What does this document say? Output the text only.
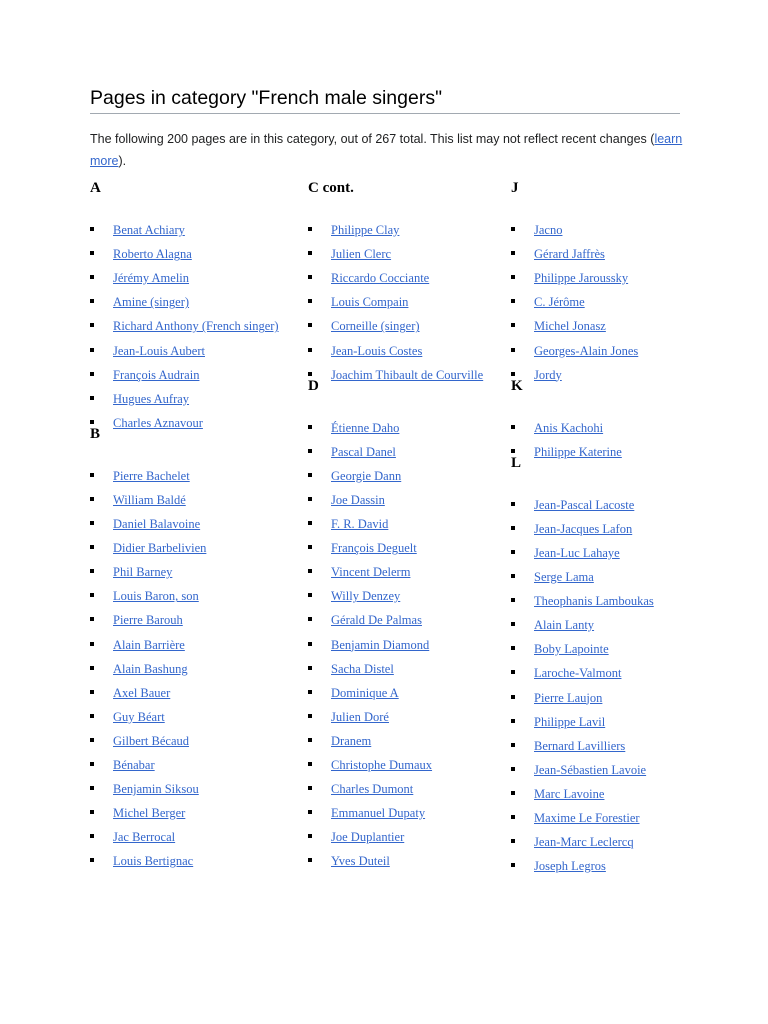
Pages in category "French male singers"
The following 200 pages are in this category, out of 267 total. This list may not reflect recent changes (learn more).
A
Benat Achiary
Roberto Alagna
Jérémy Amelin
Amine (singer)
Richard Anthony (French singer)
Jean-Louis Aubert
François Audrain
Hugues Aufray
Charles Aznavour
B
Pierre Bachelet
William Baldé
Daniel Balavoine
Didier Barbelivien
Phil Barney
Louis Baron, son
Pierre Barouh
Alain Barrière
Alain Bashung
Axel Bauer
Guy Béart
Gilbert Bécaud
Bénabar
Benjamin Siksou
Michel Berger
Jac Berrocal
Louis Bertignac
C cont.
Philippe Clay
Julien Clerc
Riccardo Cocciante
Louis Compain
Corneille (singer)
Jean-Louis Costes
Joachim Thibault de Courville
D
Étienne Daho
Pascal Danel
Georgie Dann
Joe Dassin
F. R. David
François Deguelt
Vincent Delerm
Willy Denzey
Gérald De Palmas
Benjamin Diamond
Sacha Distel
Dominique A
Julien Doré
Dranem
Christophe Dumaux
Charles Dumont
Emmanuel Dupaty
Joe Duplantier
Yves Duteil
J
Jacno
Gérard Jaffrès
Philippe Jaroussky
C. Jérôme
Michel Jonasz
Georges-Alain Jones
Jordy
K
Anis Kachohi
Philippe Katerine
L
Jean-Pascal Lacoste
Jean-Jacques Lafon
Jean-Luc Lahaye
Serge Lama
Theophanis Lamboukas
Alain Lanty
Boby Lapointe
Laroche-Valmont
Pierre Laujon
Philippe Lavil
Bernard Lavilliers
Jean-Sébastien Lavoie
Marc Lavoine
Maxime Le Forestier
Jean-Marc Leclercq
Joseph Legros
